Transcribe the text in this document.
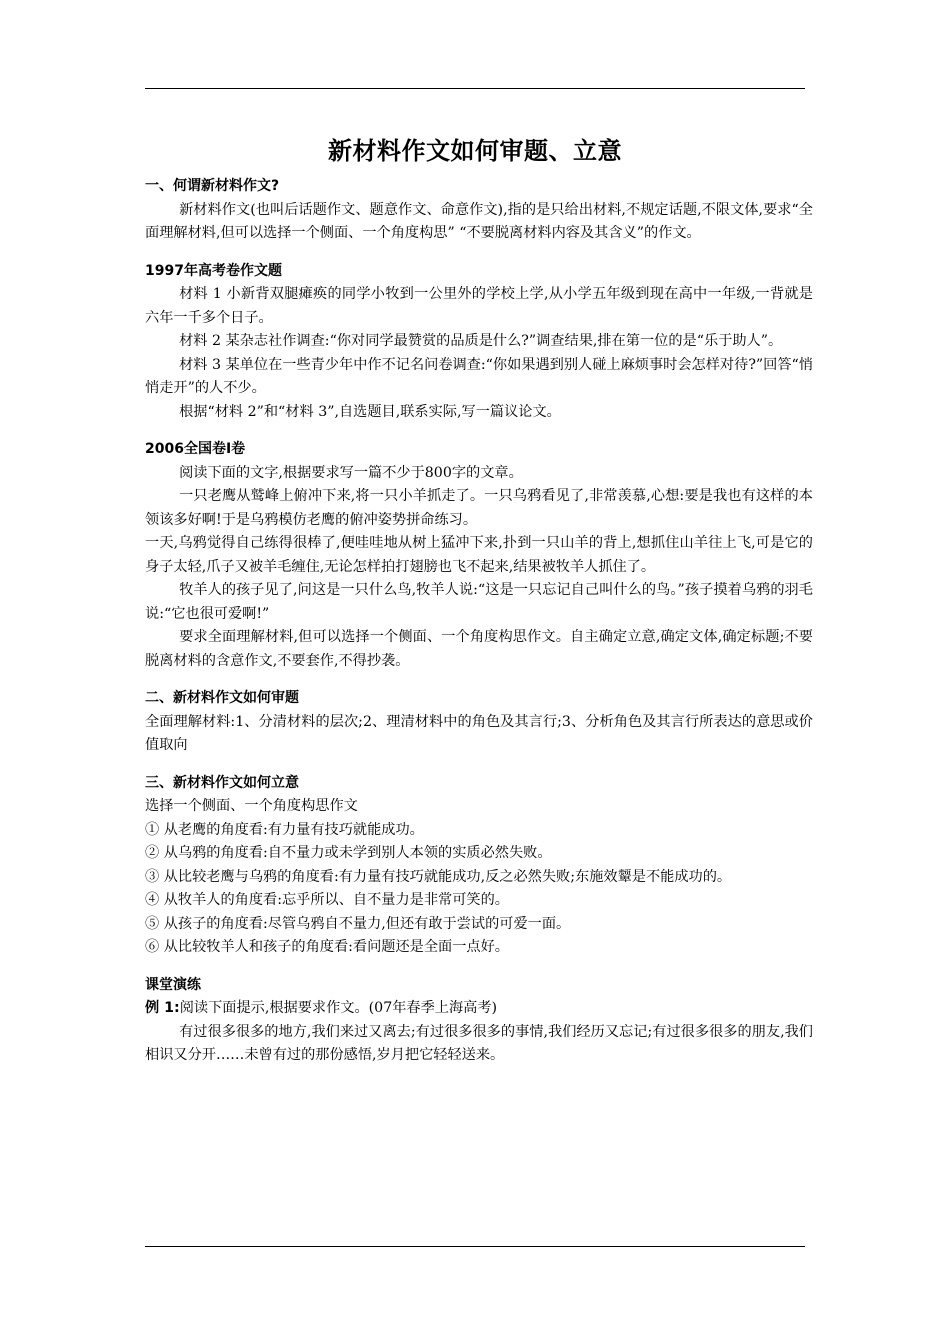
新材料作文如何审题、立意

一、何谓新材料作文?

新材料作文(也叫后话题作文、题意作文、命意作文),指的是只给出材料,不规定话题,不限文体,要求“全面理解材料,但可以选择一个侧面、一个角度构思” “不要脱离材料内容及其含义”的作文。

1997年高考卷作文题

材料 1 小新背双腿瘫痪的同学小牧到一公里外的学校上学,从小学五年级到现在高中一年级,一背就是六年一千多个日子。

材料 2 某杂志社作调查:“你对同学最赞赏的品质是什么?”调查结果,排在第一位的是“乐于助人”。

材料 3 某单位在一些青少年中作不记名问卷调查:“你如果遇到别人碰上麻烦事时会怎样对待?”回答“悄悄走开”的人不少。

根据“材料 2”和“材料 3”,自选题目,联系实际,写一篇议论文。

2006全国卷Ⅰ卷

阅读下面的文字,根据要求写一篇不少于800字的文章。

一只老鹰从鹫峰上俯冲下来,将一只小羊抓走了。一只乌鸦看见了,非常羡慕,心想:要是我也有这样的本领该多好啊!于是乌鸦模仿老鹰的俯冲姿势拼命练习。

一天,乌鸦觉得自己练得很棒了,便哇哇地从树上猛冲下来,扑到一只山羊的背上,想抓住山羊往上飞,可是它的身子太轻,爪子又被羊毛缠住,无论怎样拍打翅膀也飞不起来,结果被牧羊人抓住了。

牧羊人的孩子见了,问这是一只什么鸟,牧羊人说:“这是一只忘记自己叫什么的鸟。”孩子摸着乌鸦的羽毛说:“它也很可爱啊!”

要求全面理解材料,但可以选择一个侧面、一个角度构思作文。自主确定立意,确定文体,确定标题;不要脱离材料的含意作文,不要套作,不得抄袭。

二、新材料作文如何审题

全面理解材料:1、分清材料的层次;2、理清材料中的角色及其言行;3、分析角色及其言行所表达的意思或价值取向

三、新材料作文如何立意

选择一个侧面、一个角度构思作文

① 从老鹰的角度看:有力量有技巧就能成功。

② 从乌鸦的角度看:自不量力或未学到别人本领的实质必然失败。

③ 从比较老鹰与乌鸦的角度看:有力量有技巧就能成功,反之必然失败;东施效颦是不能成功的。

④ 从牧羊人的角度看:忘乎所以、自不量力是非常可笑的。

⑤ 从孩子的角度看:尽管乌鸦自不量力,但还有敢于尝试的可爱一面。

⑥ 从比较牧羊人和孩子的角度看:看问题还是全面一点好。

课堂演练

例 1:阅读下面提示,根据要求作文。(07年春季上海高考)

有过很多很多的地方,我们来过又离去;有过很多很多的事情,我们经历又忘记;有过很多很多的朋友,我们相识又分开……未曾有过的那份感悟,岁月把它轻轻送来。
